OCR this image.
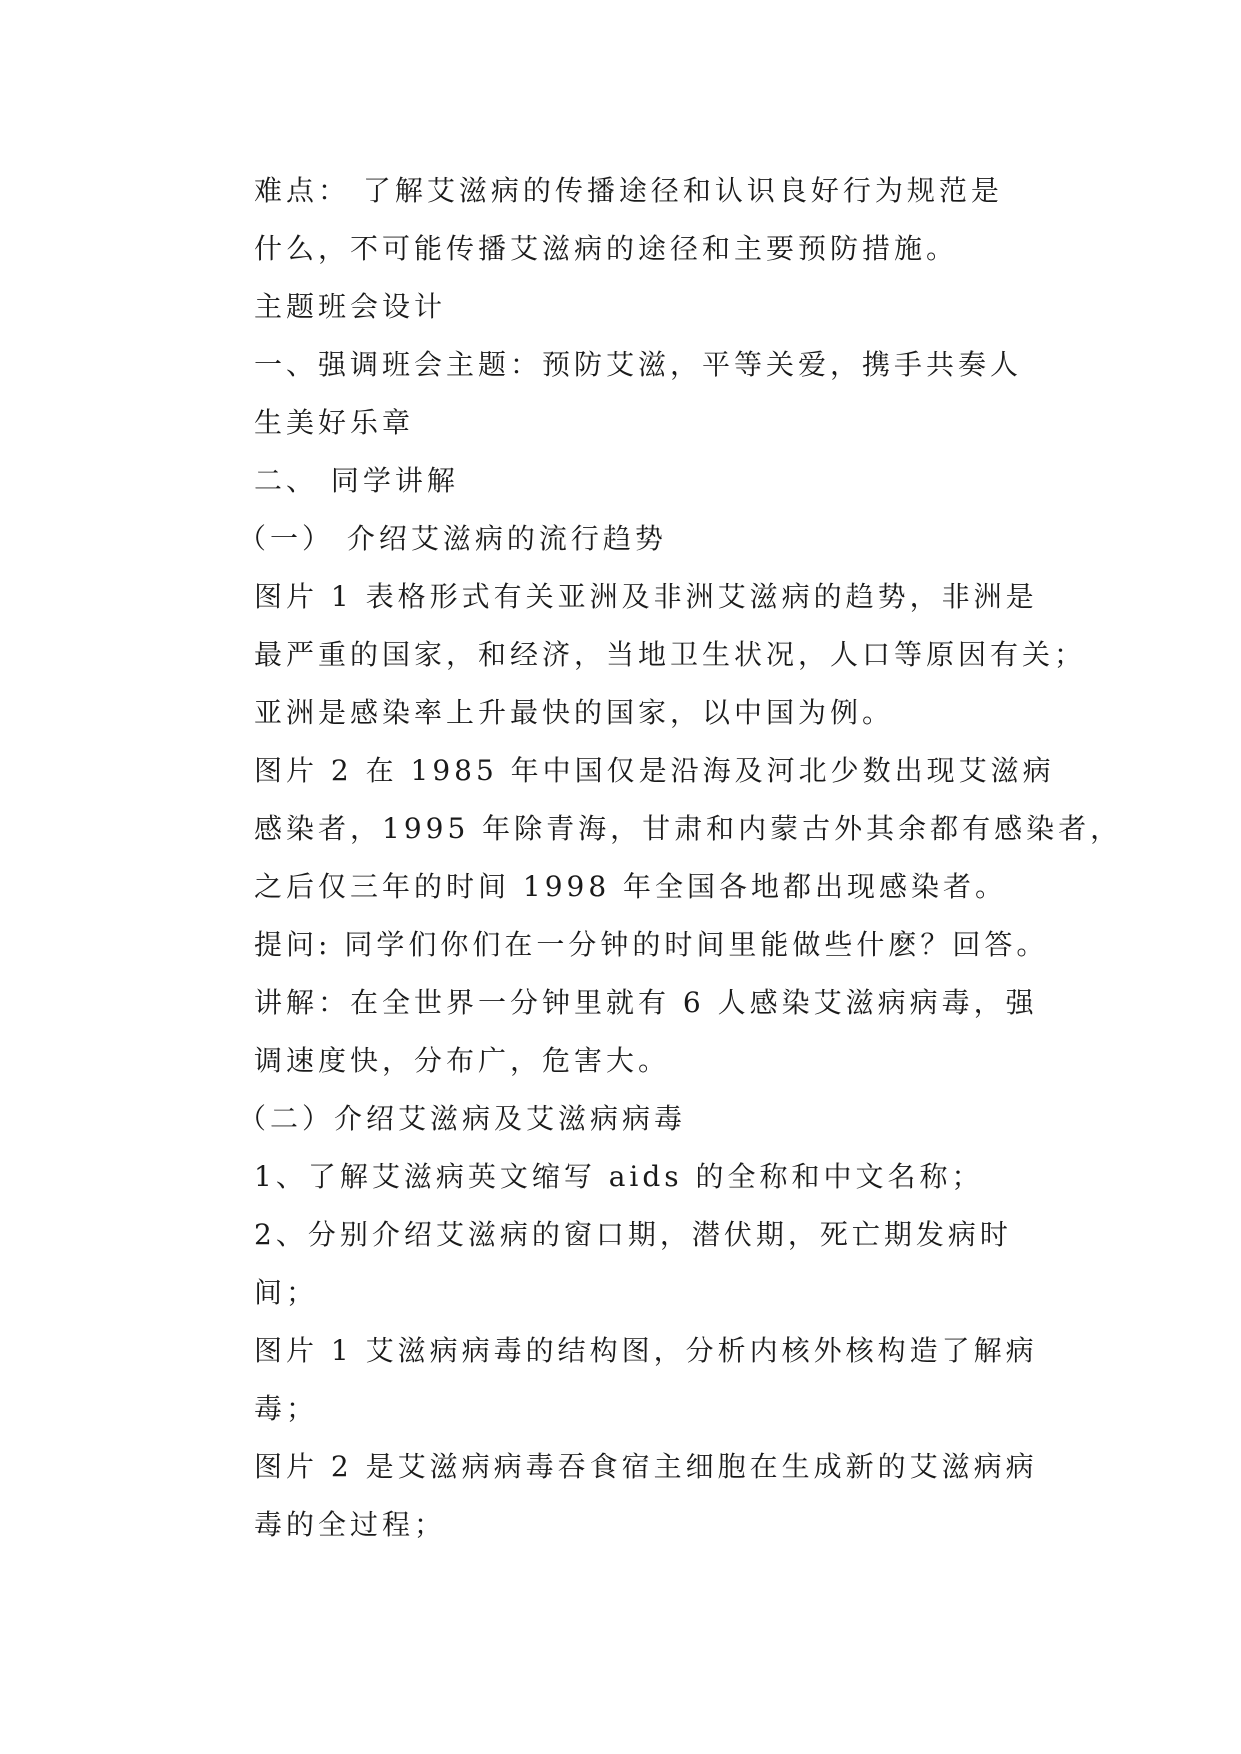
难点： 了解艾滋病的传播途径和认识良好行为规范是
什么，不可能传播艾滋病的途径和主要预防措施。

主题班会设计

一、强调班会主题：预防艾滋，平等关爱，携手共奏人
生美好乐章

二、 同学讲解

（一） 介绍艾滋病的流行趋势

图片 1 表格形式有关亚洲及非洲艾滋病的趋势，非洲是
最严重的国家，和经济，当地卫生状况，人口等原因有关；
亚洲是感染率上升最快的国家，以中国为例。

图片 2 在 1985 年中国仅是沿海及河北少数出现艾滋病
感染者，1995 年除青海，甘肃和内蒙古外其余都有感染者，
之后仅三年的时间 1998 年全国各地都出现感染者。

提问: 同学们你们在一分钟的时间里能做些什麽？回答。

讲解：在全世界一分钟里就有 6 人感染艾滋病病毒，强
调速度快，分布广，危害大。

（二）介绍艾滋病及艾滋病病毒

1、了解艾滋病英文缩写 aids 的全称和中文名称；

2、分别介绍艾滋病的窗口期，潜伏期，死亡期发病时
间；

图片 1 艾滋病病毒的结构图，分析内核外核构造了解病
毒；

图片 2 是艾滋病病毒吞食宿主细胞在生成新的艾滋病病
毒的全过程；
